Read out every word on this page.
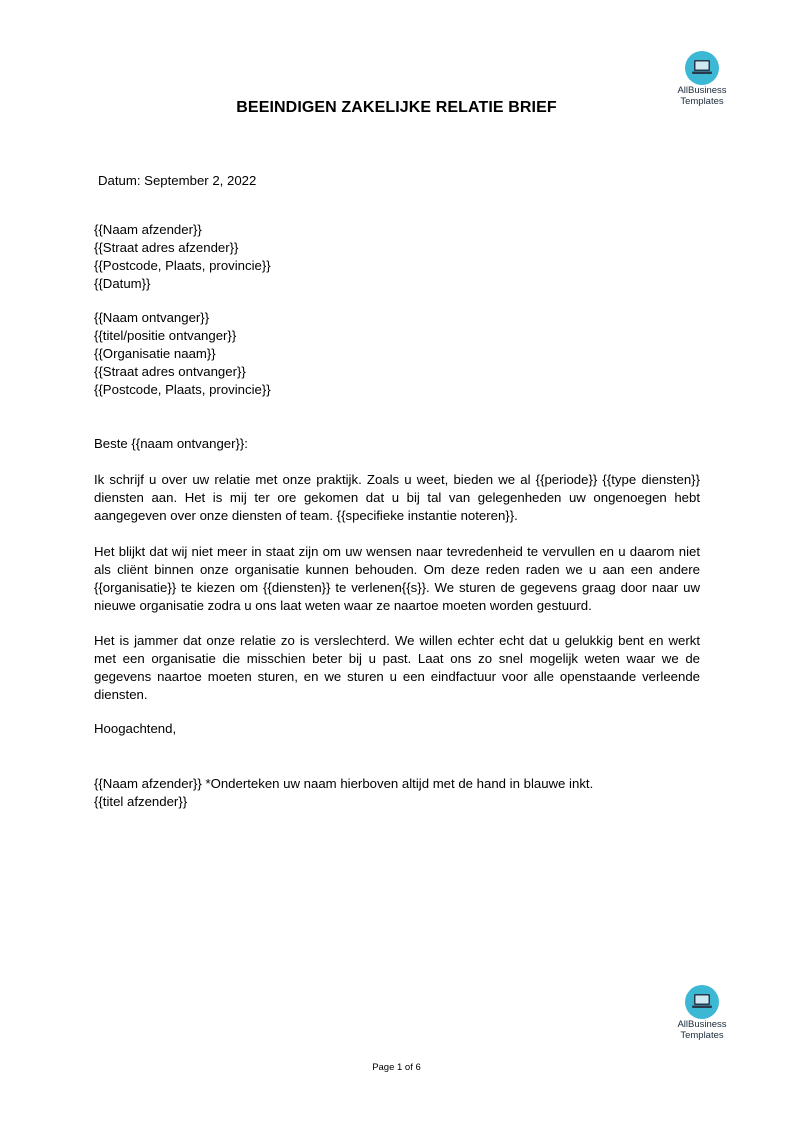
AllBusiness
Templates
BEEINDIGEN ZAKELIJKE RELATIE BRIEF
Datum: September 2, 2022
{{Naam afzender}}
{{Straat adres afzender}}
{{Postcode, Plaats, provincie}}
{{Datum}}
{{Naam ontvanger}}
{{titel/positie ontvanger}}
{{Organisatie naam}}
{{Straat adres ontvanger}}
{{Postcode, Plaats, provincie}}
Beste {{naam ontvanger}}:
Ik schrijf u over uw relatie met onze praktijk. Zoals u weet, bieden we al {{periode}} {{type diensten}} diensten aan. Het is mij ter ore gekomen dat u bij tal van gelegenheden uw ongenoegen hebt aangegeven over onze diensten of team. {{specifieke instantie noteren}}.
Het blijkt dat wij niet meer in staat zijn om uw wensen naar tevredenheid te vervullen en u daarom niet als cliënt binnen onze organisatie kunnen behouden. Om deze reden raden we u aan een andere {{organisatie}} te kiezen om {{diensten}} te verlenen{{s}}. We sturen de gegevens graag door naar uw nieuwe organisatie zodra u ons laat weten waar ze naartoe moeten worden gestuurd.
Het is jammer dat onze relatie zo is verslechterd. We willen echter echt dat u gelukkig bent en werkt met een organisatie die misschien beter bij u past. Laat ons zo snel mogelijk weten waar we de gegevens naartoe moeten sturen, en we sturen u een eindfactuur voor alle openstaande verleende diensten.
Hoogachtend,
{{Naam afzender}} *Onderteken uw naam hierboven altijd met de hand in blauwe inkt.
{{titel afzender}}
AllBusiness
Templates
Page 1 of 6
